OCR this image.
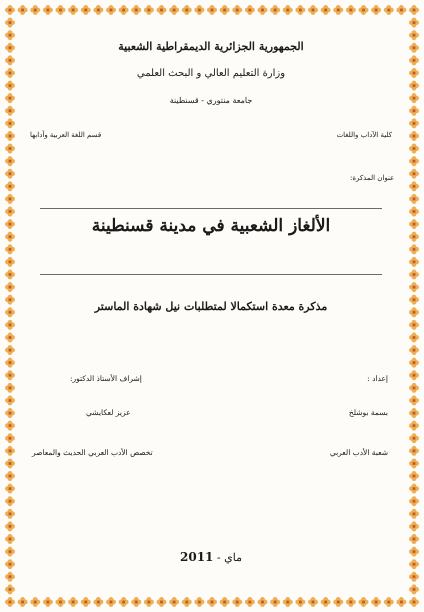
الجمهورية الجزائرية الديمقراطية الشعبية
وزارة التعليم العالي و البحث العلمي
جامعة منتوري - قسنطينة
كلية الآداب واللغات
قسم اللغة العربية وآدابها
عنوان المذكرة:
الألغاز الشعبية في مدينة قسنطينة
مذكرة معدة استكمالا لمتطلبات نيل شهادة الماستر
إعداد :
إشراف الأستاذ الدكتور:
بسمة بوشلخ
عزيز لعكايشي
شعبة الأدب العربي
تخصص الأدب العربي الحديث والمعاصر
ماي - 2011
